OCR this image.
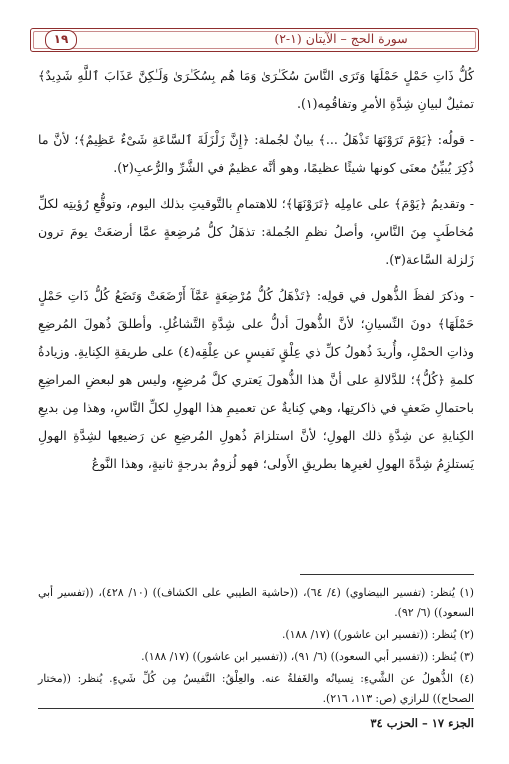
١٩	سورة الحج – الآيتان (١-٢)

كُلُّ ذَاتِ حَمْلٍ حَمْلَهَا وَتَرَى النَّاسَ سُكَـٰرَىٰ وَمَا هُم بِسُكَـٰرَىٰ وَلَـٰكِنَّ عَذَابَ ٱللَّهِ شَدِيدٌ﴾ تمثيلٌ لبيانِ شِدَّةِ الأمرِ وتفاقُمِه(١).

- قولُه: ﴿يَوْمَ تَرَوْنَهَا تَذْهَلُ ...﴾ بيانٌ لجُملة: ﴿إِنَّ زَلْزَلَةَ ٱلسَّاعَةِ شَىْءٌ عَظِيمٌ﴾؛ لأنَّ ما ذُكِرَ يُبيِّنُ معنَى كونها شيئًا عظيمًا، وهو أنَّه عظيمٌ في الشَّرِّ والرُّعبِ(٢).

- وتقديمُ ﴿يَوْمَ﴾ على عامِلِه ﴿تَرَوْنَهَا﴾؛ للاهتمامِ بالتَّوقيتِ بذلك اليوم، وتوقُّعِ رُؤيتِه لكلِّ مُخاطَبٍ مِنَ النَّاسِ، وأصلُ نظمِ الجُملة: تذهَلُ كلُّ مُرضِعةٍ عمَّا أرضعَتْ يومَ ترون زَلزلة السَّاعة(٣).

- وذكرَ لفظَ الذُّهول في قولِه: ﴿تَذْهَلُ كُلُّ مُرْضِعَةٍ عَمَّآ أَرْضَعَتْ وَتَضَعُ كُلُّ ذَاتِ حَمْلٍ حَمْلَهَا﴾ دونَ النِّسيانِ؛ لأنَّ الذُّهولَ أدلُّ على شِدَّةِ التَّشاغُلِ. وأطلقَ ذُهولَ المُرضِعِ وذاتِ الحمْلِ، وأُريدَ ذُهولُ كلِّ ذي عِلْقٍ نَفيسٍ عن عِلْقِه(٤) على طريقةِ الكِنايةِ. وزيادةُ كلمةِ ﴿كُلُّ﴾؛ للدَّلالةِ على أنَّ هذا الذُّهولَ يَعتري كلَّ مُرضِعٍ، وليس هو لبعضِ المراضِعِ باحتمالِ ضَعفٍ في ذاكرتِها، وهي كِنايةٌ عن تعميمِ هذا الهولِ لكلِّ النَّاسِ، وهذا مِن بديعِ الكِنايةِ عن شِدَّةِ ذلك الهولِ؛ لأنَّ استلزامَ ذُهولِ المُرضِعِ عن رَضيعِها لشِدَّةِ الهولِ يَستلزِمُ شِدَّةَ الهولِ لغيرِها بطريقِ الأَولى؛ فهو لُزومٌ بدرجةٍ ثانيةٍ، وهذا النَّوعُ

(١) يُنظر: (تفسير البيضاوي) (٤/ ٦٤)، ((حاشية الطيبي على الكشاف)) (١٠/ ٤٢٨)، ((تفسير أبي السعود)) (٦/ ٩٢).

(٢) يُنظر: ((تفسير ابن عاشور)) (١٧/ ١٨٨).

(٣) يُنظر: ((تفسير أبي السعود)) (٦/ ٩١)، ((تفسير ابن عاشور)) (١٧/ ١٨٨).

(٤) الذُّهولُ عن الشَّيءِ: نِسيانُه والغَفلةُ عنه. والعِلْقُ: النَّفيسُ مِن كُلِّ شَيءٍ. يُنظر: ((مختار الصحاح)) للرازي (ص: ١١٣، ٢١٦).

الجزء ١٧ – الحزب ٣٤
